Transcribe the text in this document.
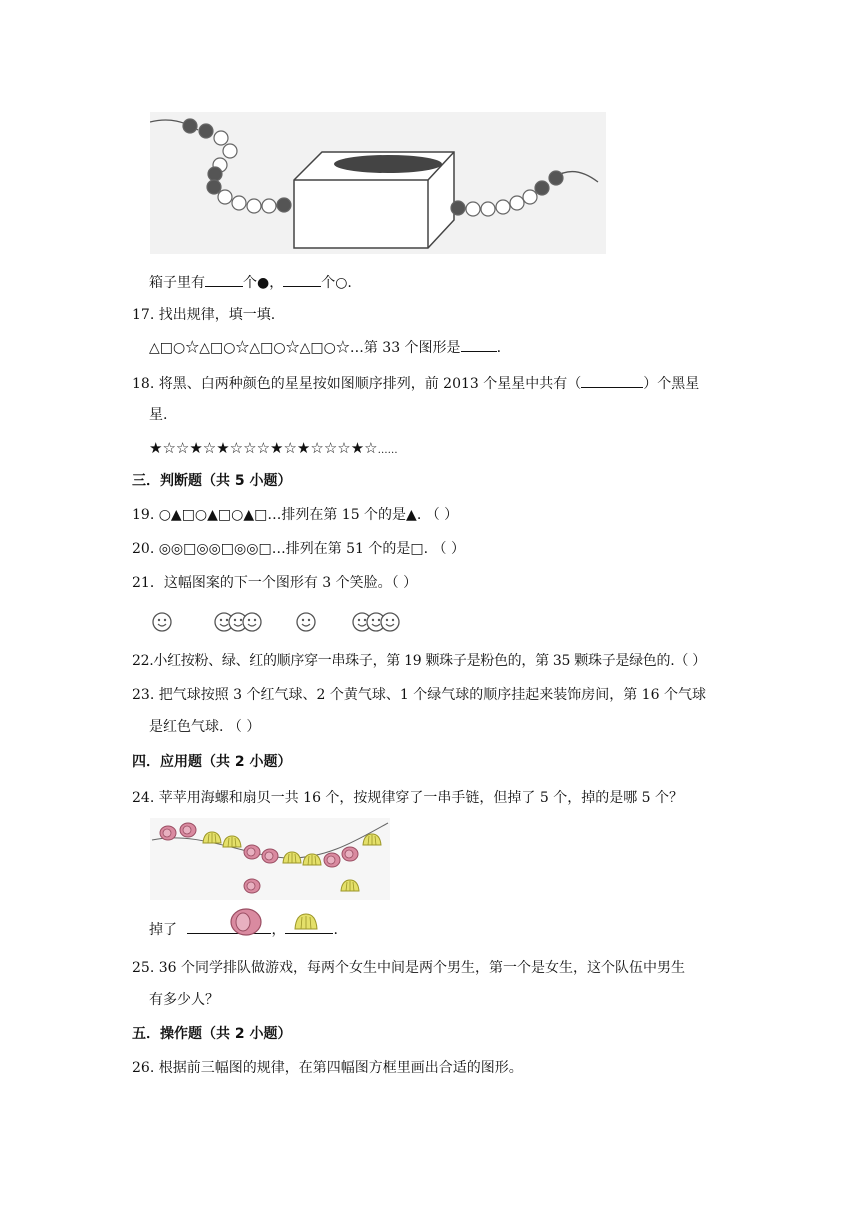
箱子里有	个●，	个○.
17. 找出规律，填一填.
△□○☆△□○☆△□○☆△□○☆…第 33 个图形是	.
18. 将黑、白两种颜色的星星按如图顺序排列，前 2013 个星星中共有（	）个黑星
星.
★☆☆★☆★☆☆☆★☆★☆☆☆★☆……
三．判断题（共 5 小题）
19. ○▲□○▲□○▲□…排列在第 15 个的是▲. （ ）
20. ◎◎□◎◎□◎◎□…排列在第 51 个的是□. （ ）
21．这幅图案的下一个图形有 3 个笑脸。（ ）
22.小红按粉、绿、红的顺序穿一串珠子，第 19 颗珠子是粉色的，第 35 颗珠子是绿色的.（ ）
23. 把气球按照 3 个红气球、2 个黄气球、1 个绿气球的顺序挂起来装饰房间，第 16 个气球
是红色气球. （ ）
四．应用题（共 2 小题）
24. 苹苹用海螺和扇贝一共 16 个，按规律穿了一串手链，但掉了 5 个，掉的是哪 5 个？
掉了	，	.
25. 36 个同学排队做游戏，每两个女生中间是两个男生，第一个是女生，这个队伍中男生
有多少人？
五．操作题（共 2 小题）
26. 根据前三幅图的规律，在第四幅图方框里画出合适的图形。
